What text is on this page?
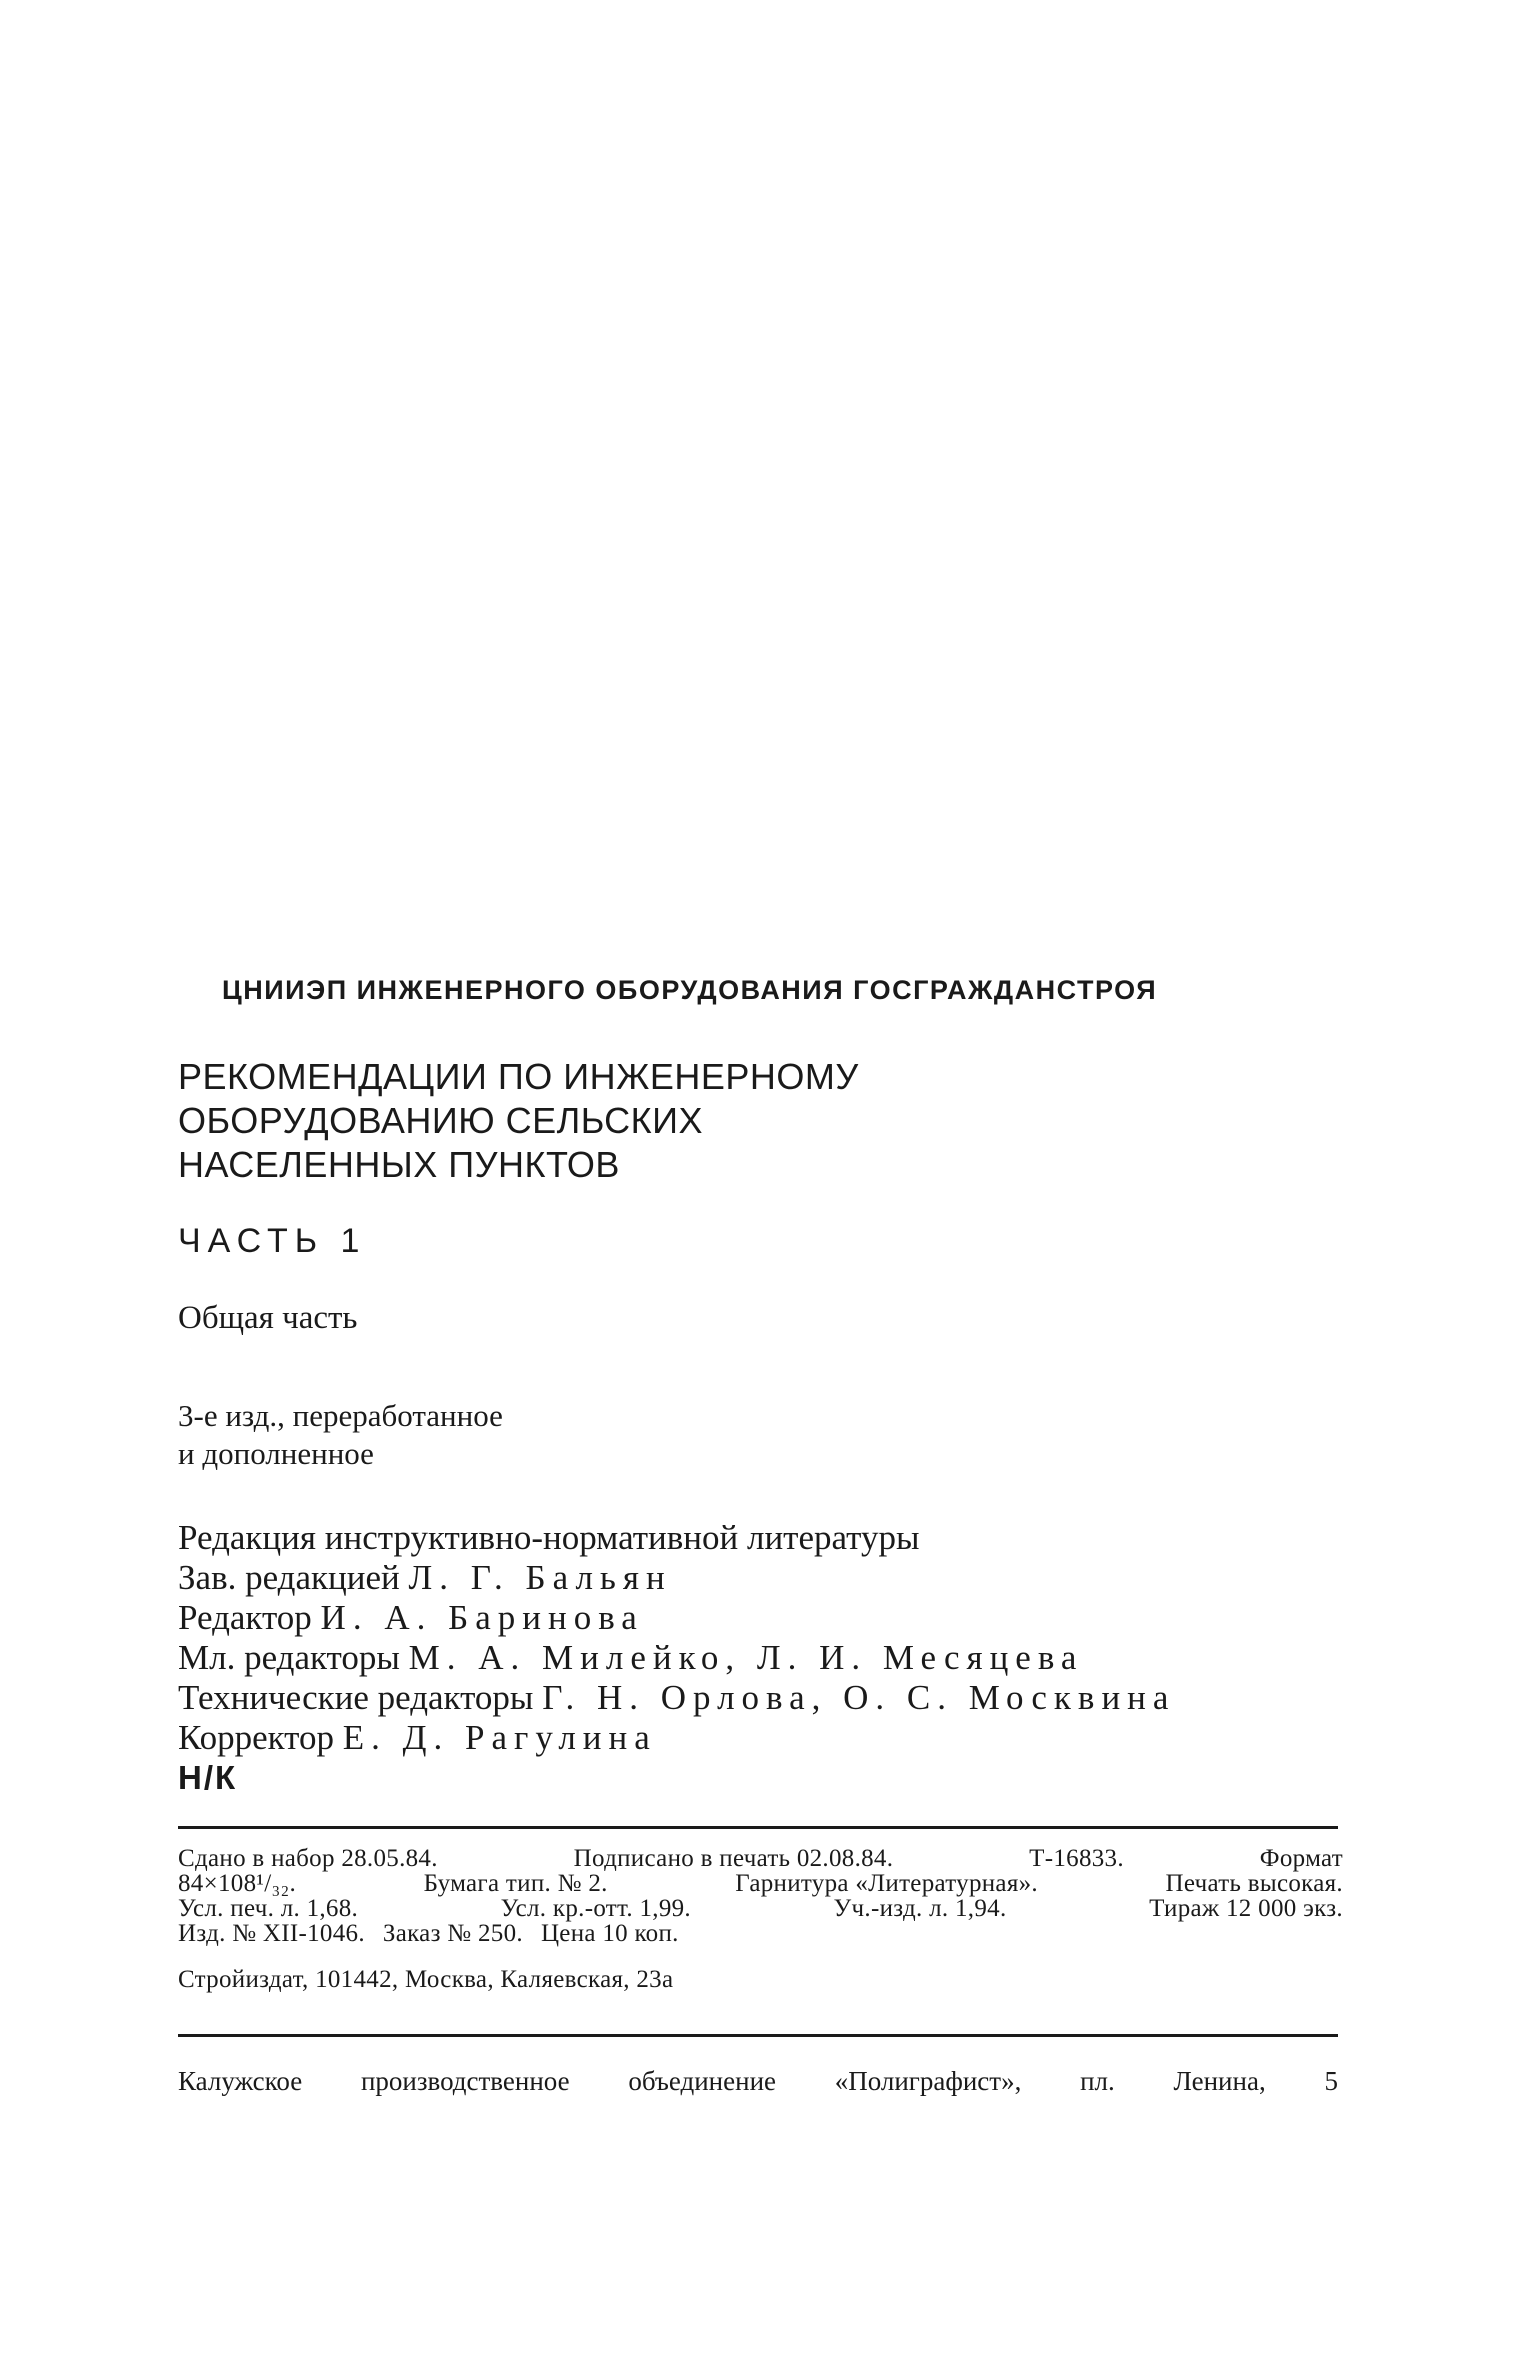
ЦНИИЭП ИНЖЕНЕРНОГО ОБОРУДОВАНИЯ ГОСГРАЖДАНСТРОЯ
РЕКОМЕНДАЦИИ ПО ИНЖЕНЕРНОМУ
ОБОРУДОВАНИЮ СЕЛЬСКИХ
НАСЕЛЕННЫХ ПУНКТОВ
ЧАСТЬ 1
Общая часть
3-е изд., переработанное
и дополненное
Редакция инструктивно-нормативной литературы
Зав. редакцией Л. Г. Бальян
Редактор И. А. Баринова
Мл. редакторы М. А. Милейко, Л. И. Месяцева
Технические редакторы Г. Н. Орлова, О. С. Москвина
Корректор Е. Д. Рагулина
Н/К
Сдано в набор 28.05.84.	Подписано в печать 02.08.84.	Т-16833.	Формат
84×108¹/₃₂.	Бумага тип. № 2.	Гарнитура «Литературная».	Печать высокая.
Усл. печ. л. 1,68.	Усл. кр.-отт. 1,99.	Уч.-изд. л. 1,94.	Тираж 12 000 экз.
Изд. № XII-1046. Заказ № 250. Цена 10 коп.
Стройиздат, 101442, Москва, Каляевская, 23а
Калужское производственное объединение «Полиграфист», пл. Ленина, 5
